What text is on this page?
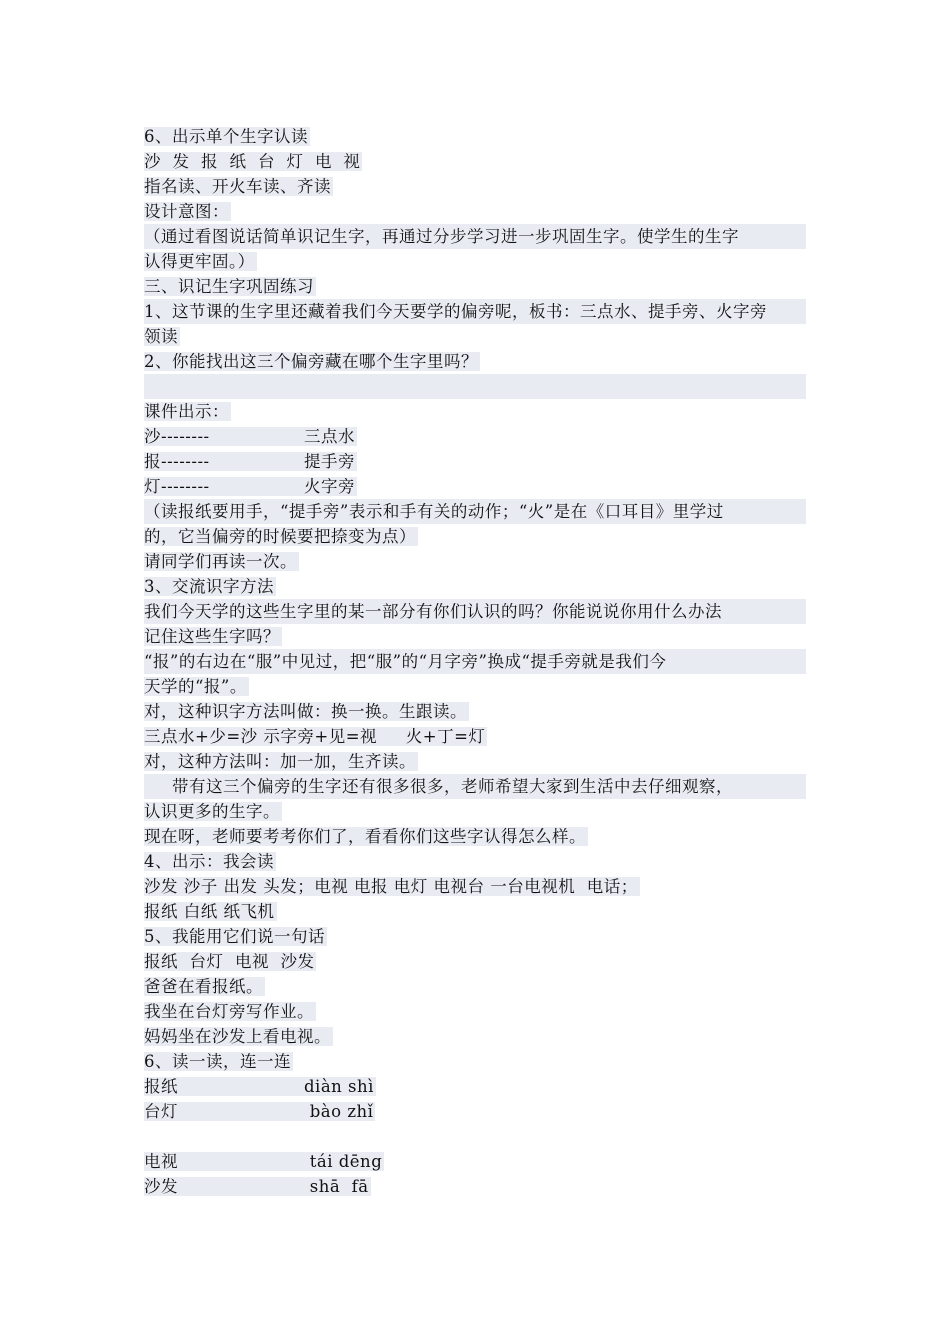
6、出示单个生字认读
沙  发  报  纸  台  灯  电  视
指名读、开火车读、齐读
设计意图：
（通过看图说话简单识记生字，再通过分步学习进一步巩固生字。使学生的生字
认得更牢固。）
三、识记生字巩固练习
1、这节课的生字里还藏着我们今天要学的偏旁呢，板书：三点水、提手旁、火字旁
领读
2、你能找出这三个偏旁藏在哪个生字里吗？
课件出示：
沙--------	三点水
报--------	提手旁
灯--------	火字旁
（读报纸要用手，“提手旁”表示和手有关的动作；“火”是在《口耳目》里学过
的，它当偏旁的时候要把捺变为点）
请同学们再读一次。
3、交流识字方法
我们今天学的这些生字里的某一部分有你们认识的吗？你能说说你用什么办法
记住这些生字吗？
“报”的右边在“服”中见过，把“服”的“月字旁”换成“提手旁就是我们今
天学的“报”。
对，这种识字方法叫做：换一换。生跟读。
三点水+少=沙 示字旁+见=视     火+丁=灯
对，这种方法叫：加一加，生齐读。
带有这三个偏旁的生字还有很多很多，老师希望大家到生活中去仔细观察，
认识更多的生字。
现在呀，老师要考考你们了，看看你们这些字认得怎么样。
4、出示：我会读
沙发 沙子 出发 头发；电视 电报 电灯 电视台 一台电视机  电话；
报纸 白纸 纸飞机
5、我能用它们说一句话
报纸  台灯  电视  沙发
爸爸在看报纸。
我坐在台灯旁写作业。
妈妈坐在沙发上看电视。
6、读一读，连一连
报纸	diàn shì
台灯	bào zhǐ
电视	tái dēng
沙发	shā  fā
